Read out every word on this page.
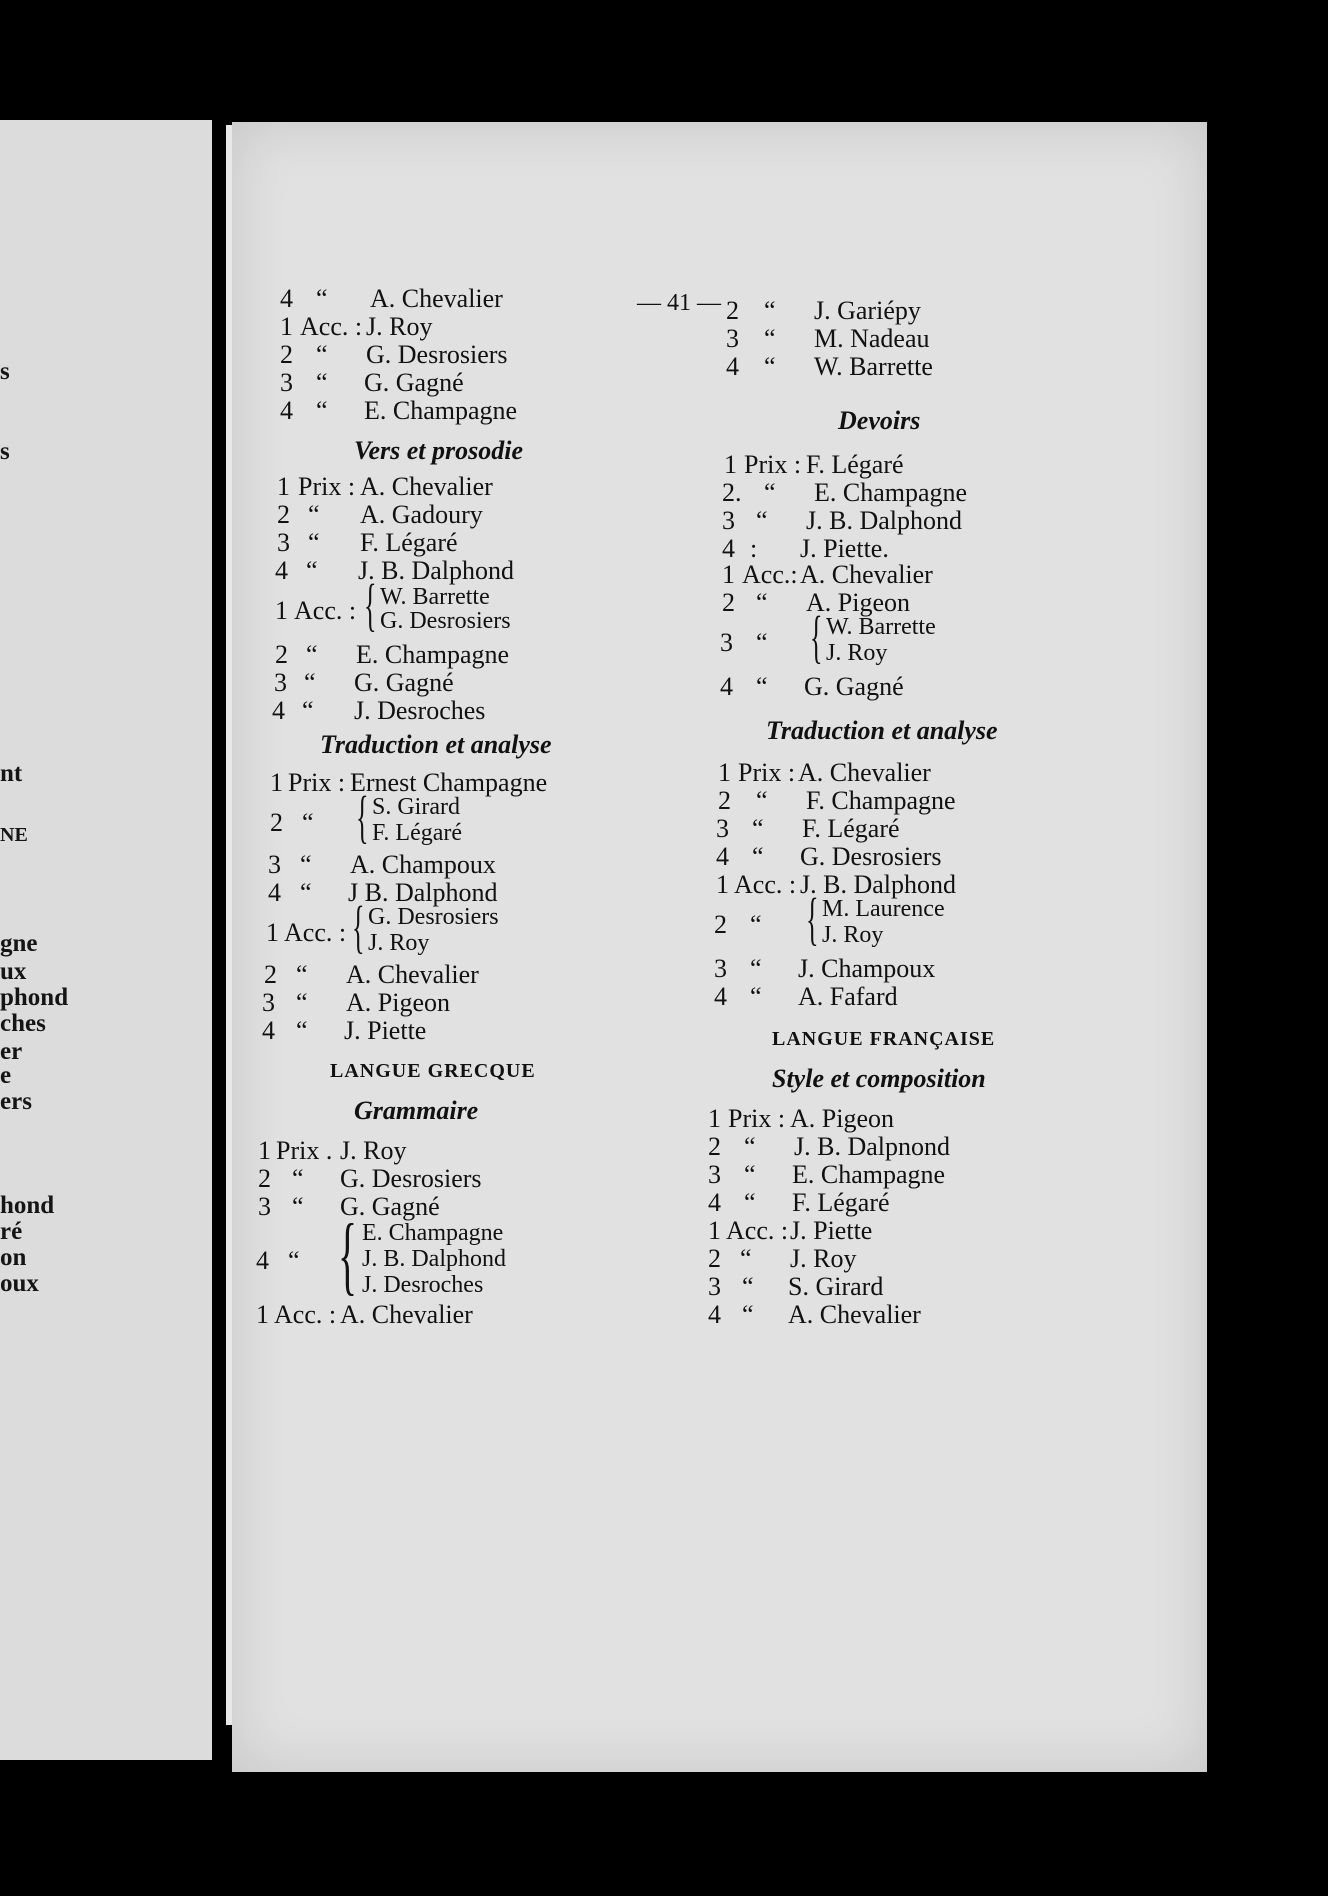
s
s
nt
NE
gne
ux
phond
ches
er
e
ers
hond
ré
on
oux
— 41 —
4 “ A. Chevalier
1 Acc. : J. Roy
2 “ G. Desrosiers
3 “ G. Gagné
4 “ E. Champagne
Vers et prosodie
1 Prix : A. Chevalier
2 “ A. Gadoury
3 “ F. Légaré
4 “ J. B. Dalphond
1 Acc. : { W. Barrette
G. Desrosiers
2 “ E. Champagne
3 “ G. Gagné
4 “ J. Desroches
Traduction et analyse
1 Prix : Ernest Champagne
2 “ { S. Girard
F. Légaré
3 “ A. Champoux
4 “ J B. Dalphond
1 Acc. : { G. Desrosiers
J. Roy
2 “ A. Chevalier
3 “ A. Pigeon
4 “ J. Piette
LANGUE GRECQUE
Grammaire
1 Prix . J. Roy
2 “ G. Desrosiers
3 “ G. Gagné
4 “ { E. Champagne
J. B. Dalphond
J. Desroches
1 Acc. : A. Chevalier
2 “ J. Gariépy
3 “ M. Nadeau
4 “ W. Barrette
Devoirs
1 Prix : F. Légaré
2. “ E. Champagne
3 “ J. B. Dalphond
4 : J. Piette.
1 Acc.: A. Chevalier
2 “ A. Pigeon
3 “ { W. Barrette
J. Roy
4 “ G. Gagné
Traduction et analyse
1 Prix : A. Chevalier
2 “ F. Champagne
3 “ F. Légaré
4 “ G. Desrosiers
1 Acc. : J. B. Dalphond
2 “ { M. Laurence
J. Roy
3 “ J. Champoux
4 “ A. Fafard
LANGUE FRANÇAISE
Style et composition
1 Prix : A. Pigeon
2 “ J. B. Dalpnond
3 “ E. Champagne
4 “ F. Légaré
1 Acc. : J. Piette
2 “ J. Roy
3 “ S. Girard
4 “ A. Chevalier
